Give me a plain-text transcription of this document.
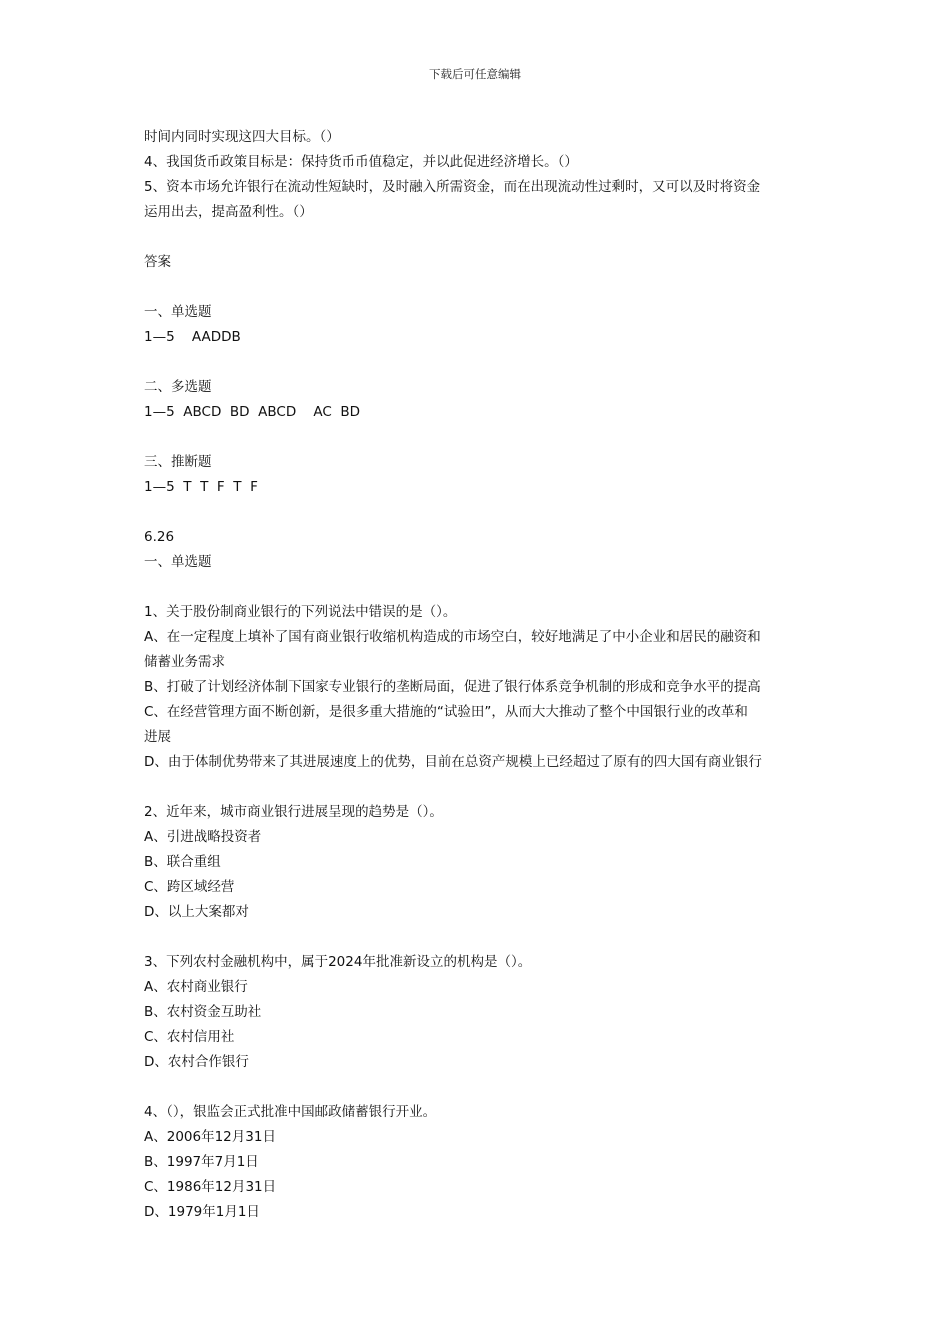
下载后可任意编辑
时间内同时实现这四大目标。（）
4、我国货币政策目标是：保持货币币值稳定，并以此促进经济增长。（）
5、资本市场允许银行在流动性短缺时，及时融入所需资金，而在出现流动性过剩时，又可以及时将资金
运用出去，提高盈利性。（）
答案
一、单选题
1—5    AADDB
二、多选题
1—5  ABCD  BD  ABCD    AC  BD
三、推断题
1—5  T  T  F  T  F
6.26
一、单选题
1、关于股份制商业银行的下列说法中错误的是（）。
A、在一定程度上填补了国有商业银行收缩机构造成的市场空白，较好地满足了中小企业和居民的融资和
储蓄业务需求
B、打破了计划经济体制下国家专业银行的垄断局面，促进了银行体系竞争机制的形成和竞争水平的提高
C、在经营管理方面不断创新，是很多重大措施的“试验田”，从而大大推动了整个中国银行业的改革和
进展
D、由于体制优势带来了其进展速度上的优势，目前在总资产规模上已经超过了原有的四大国有商业银行
2、近年来，城市商业银行进展呈现的趋势是（）。
A、引进战略投资者
B、联合重组
C、跨区域经营
D、以上大案都对
3、下列农村金融机构中，属于2024年批准新设立的机构是（）。
A、农村商业银行
B、农村资金互助社
C、农村信用社
D、农村合作银行
4、（），银监会正式批准中国邮政储蓄银行开业。
A、2006年12月31日
B、1997年7月1日
C、1986年12月31日
D、1979年1月1日
